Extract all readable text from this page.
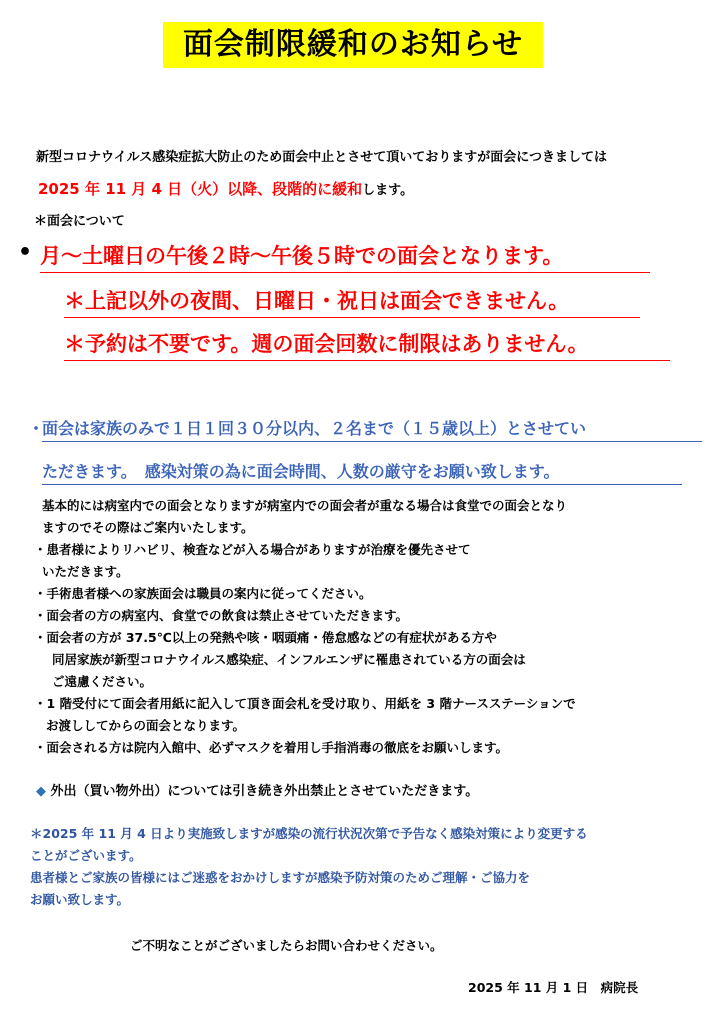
面会制限緩和のお知らせ
新型コロナウイルス感染症拡大防止のため面会中止とさせて頂いておりますが面会につきましては
2025 年 11 月 4 日（火）以降、段階的に緩和します。
＊面会について
• 月～土曜日の午後２時～午後５時での面会となります。
＊上記以外の夜間、日曜日・祝日は面会できません。
＊予約は不要です。週の面会回数に制限はありません。
・
面会は家族のみで１日１回３０分以内、２名まで（１５歳以上）とさせてい
ただきます。　感染対策の為に面会時間、人数の厳守をお願い致します。
基本的には病室内での面会となりますが病室内での面会者が重なる場合は食堂での面会となり
ますのでその際はご案内いたします。
・患者様によりリハビリ、検査などが入る場合がありますが治療を優先させて
いただきます。
・手術患者様への家族面会は職員の案内に従ってください。
・面会者の方の病室内、食堂での飲食は禁止させていただきます。
・面会者の方が 37.5℃以上の発熱や咳・咽頭痛・倦怠感などの有症状がある方や
同居家族が新型コロナウイルス感染症、インフルエンザに罹患されている方の面会は
ご遠慮ください。
・1 階受付にて面会者用紙に記入して頂き面会札を受け取り、用紙を 3 階ナースステーションで
お渡ししてからの面会となります。
・面会される方は院内入館中、必ずマスクを着用し手指消毒の徹底をお願いします。
◆ 外出（買い物外出）については引き続き外出禁止とさせていただきます。
＊2025 年 11 月 4 日より実施致しますが感染の流行状況次第で予告なく感染対策により変更する
ことがございます。
患者様とご家族の皆様にはご迷惑をおかけしますが感染予防対策のためご理解・ご協力を
お願い致します。
ご不明なことがございましたらお問い合わせください。
2025 年 11 月 1 日　病院長
